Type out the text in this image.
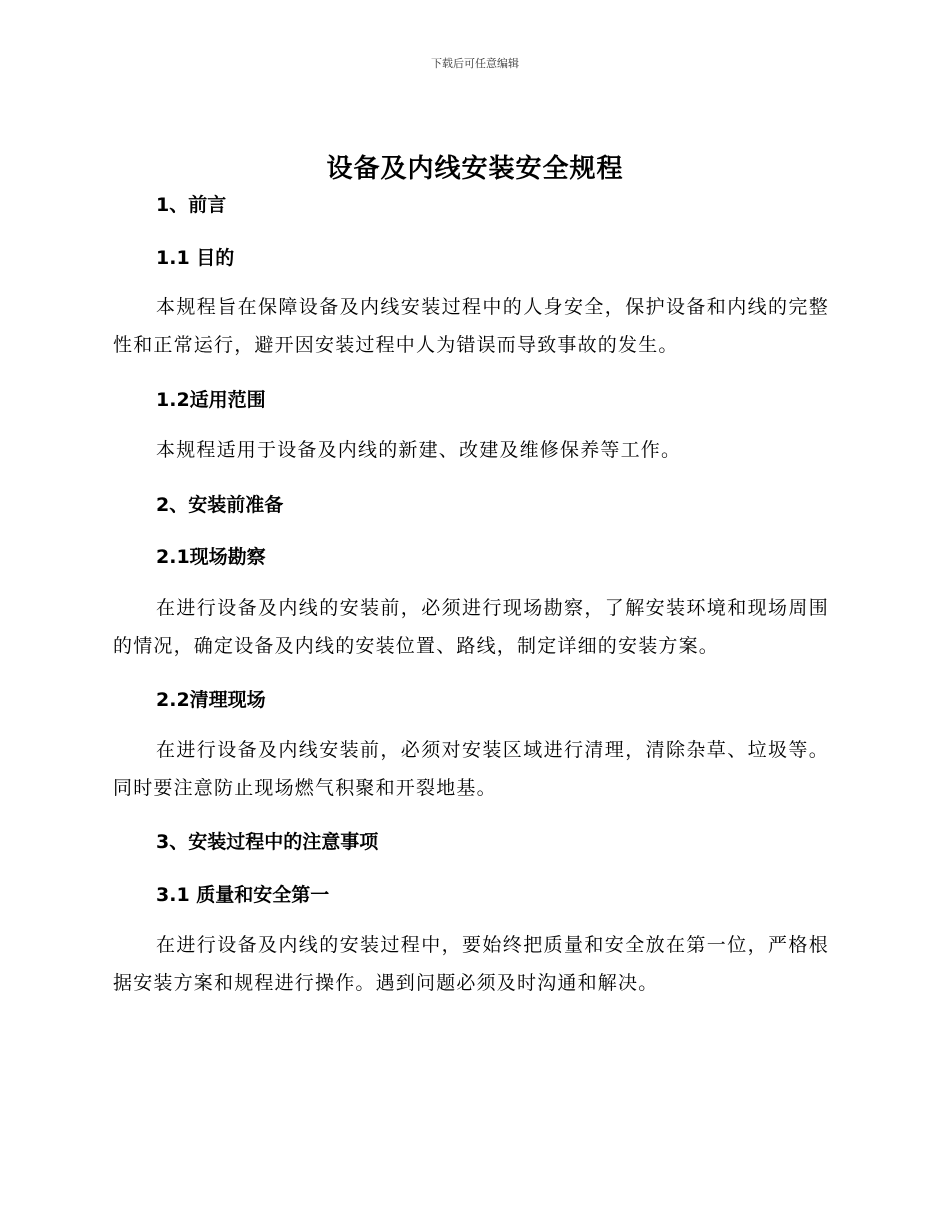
下载后可任意编辑
设备及内线安装安全规程
1、前言
1.1 目的
本规程旨在保障设备及内线安装过程中的人身安全，保护设备和内线的完整性和正常运行，避开因安装过程中人为错误而导致事故的发生。
1.2适用范围
本规程适用于设备及内线的新建、改建及维修保养等工作。
2、安装前准备
2.1现场勘察
在进行设备及内线的安装前，必须进行现场勘察，了解安装环境和现场周围的情况，确定设备及内线的安装位置、路线，制定详细的安装方案。
2.2清理现场
在进行设备及内线安装前，必须对安装区域进行清理，清除杂草、垃圾等。同时要注意防止现场燃气积聚和开裂地基。
3、安装过程中的注意事项
3.1 质量和安全第一
在进行设备及内线的安装过程中，要始终把质量和安全放在第一位，严格根据安装方案和规程进行操作。遇到问题必须及时沟通和解决。
